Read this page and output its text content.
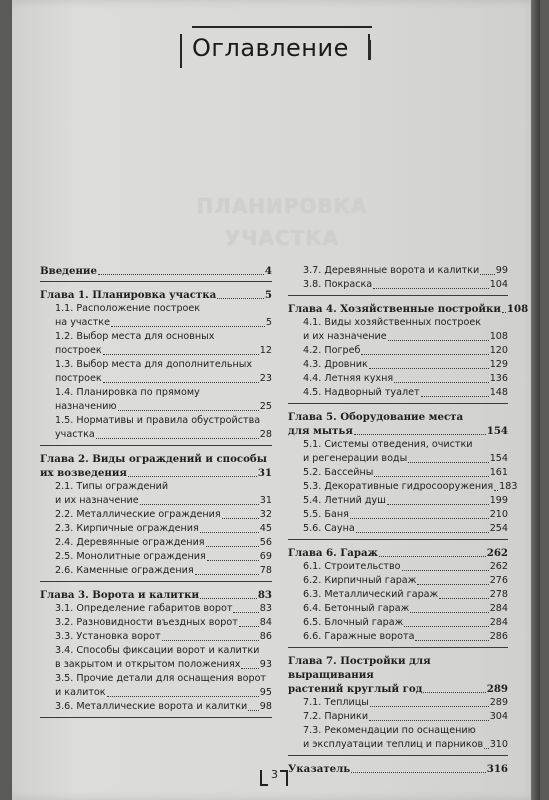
Оглавление
ПЛАНИРОВКА
УЧАСТКА
Введение	4
Глава 1. Планировка участка	5
1.1. Расположение построек
на участке	5
1.2. Выбор места для основных
построек	12
1.3. Выбор места для дополнительных
построек	23
1.4. Планировка по прямому
назначению	25
1.5. Нормативы и правила обустройства
участка	28
Глава 2. Виды ограждений и способы
их возведения	31
2.1. Типы ограждений
и их назначение	31
2.2. Металлические ограждения	32
2.3. Кирпичные ограждения	45
2.4. Деревянные ограждения	56
2.5. Монолитные ограждения	69
2.6. Каменные ограждения	78
Глава 3. Ворота и калитки	83
3.1. Определение габаритов ворот	83
3.2. Разновидности въездных ворот 84
3.3. Установка ворот	86
3.4. Способы фиксации ворот и калитки
в закрытом и открытом положениях 93
3.5. Прочие детали для оснащения ворот
и калиток	95
3.6. Металлические ворота и калитки 98
3.7. Деревянные ворота и калитки 99
3.8. Покраска	104
Глава 4. Хозяйственные постройки 108
4.1. Виды хозяйственных построек
и их назначение	108
4.2. Погреб	120
4.3. Дровник	129
4.4. Летняя кухня	136
4.5. Надворный туалет	148
Глава 5. Оборудование места
для мытья	154
5.1. Системы отведения, очистки
и регенерации воды	154
5.2. Бассейны	161
5.3. Декоративные гидросооружения 183
5.4. Летний душ	199
5.5. Баня	210
5.6. Сауна	254
Глава 6. Гараж	262
6.1. Строительство	262
6.2. Кирпичный гараж	276
6.3. Металлический гараж	278
6.4. Бетонный гараж	284
6.5. Блочный гараж	284
6.6. Гаражные ворота	286
Глава 7. Постройки для выращивания
растений круглый год	289
7.1. Теплицы	289
7.2. Парники	304
7.3. Рекомендации по оснащению
и эксплуатации теплиц и парников 310
Указатель	316
3
